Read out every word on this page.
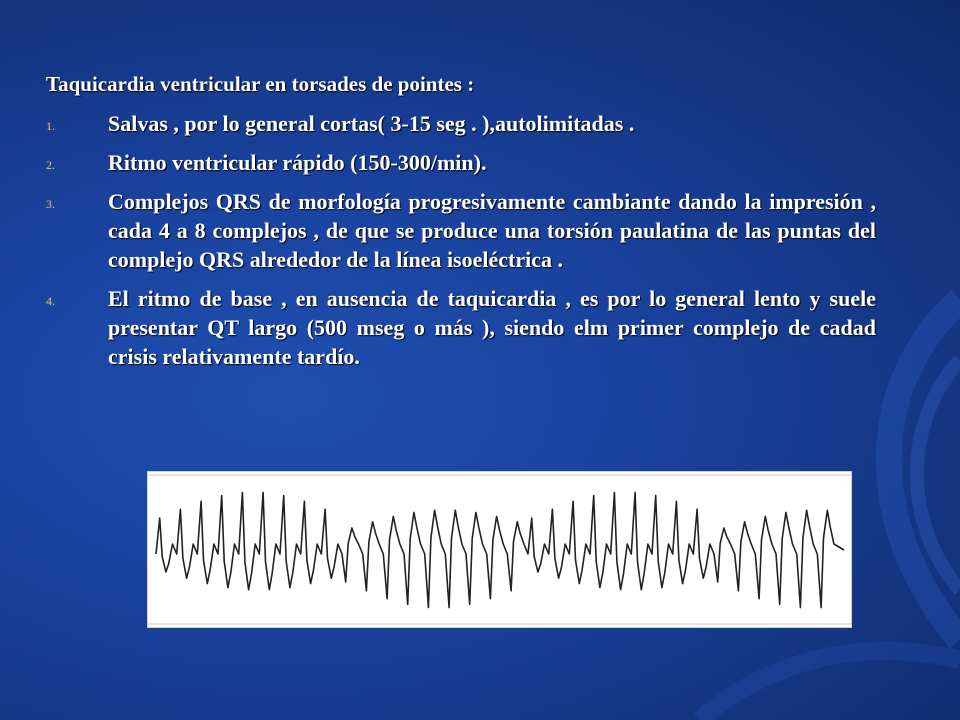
Taquicardia ventricular en torsades de pointes :
1. Salvas , por lo general cortas( 3-15 seg . ),autolimitadas .
2. Ritmo ventricular rápido (150-300/min).
3. Complejos QRS de morfología progresivamente cambiante dando la impresión , cada 4 a 8 complejos , de que se produce una torsión paulatina de las puntas del complejo QRS alrededor de la línea isoeléctrica .
4. El ritmo de base , en ausencia de taquicardia , es por lo general lento y suele presentar QT largo (500 mseg o más ), siendo elm primer complejo de cadad crisis relativamente tardío.
